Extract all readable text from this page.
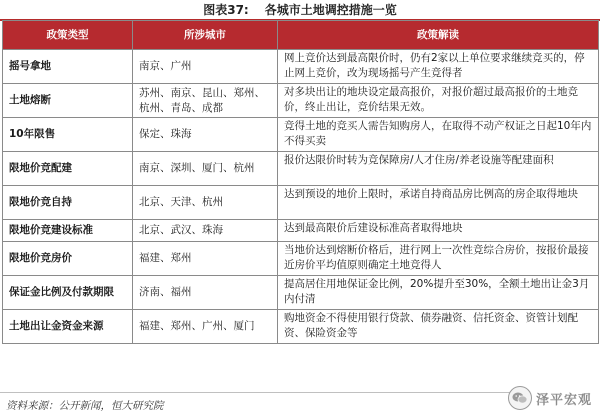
图表37: 各城市土地调控措施一览
政策类型	所涉城市	政策解读
摇号拿地	南京、广州	网上竞价达到最高限价时，仍有2家以上单位要求继续竞买的，停止网上竞价，改为现场摇号产生竞得者
土地熔断	苏州、南京、昆山、郑州、杭州、青岛、成都	对多块出让的地块设定最高报价，对报价超过最高报价的土地竞价，终止出让，竞价结果无效。
10年限售	保定、珠海	竞得土地的竞买人需告知购房人，在取得不动产权证之日起10年内不得买卖
限地价竞配建	南京、深圳、厦门、杭州	报价达限价时转为竞保障房/人才住房/养老设施等配建面积
限地价竞自持	北京、天津、杭州	达到预设的地价上限时，承诺自持商品房比例高的房企取得地块
限地价竞建设标准	北京、武汉、珠海	达到最高限价后建设标准高者取得地块
限地价竞房价	福建、郑州	当地价达到熔断价格后，进行网上一次性竞综合房价，按报价最接近房价平均值原则确定土地竞得人
保证金比例及付款期限	济南、福州	提高居住用地保证金比例，20%提升至30%，全额土地出让金3月内付清
土地出让金资金来源	福建、郑州、广州、厦门	购地资金不得使用银行贷款、债券融资、信托资金、资管计划配资、保险资金等
资料来源：公开新闻，恒大研究院	泽平宏观
